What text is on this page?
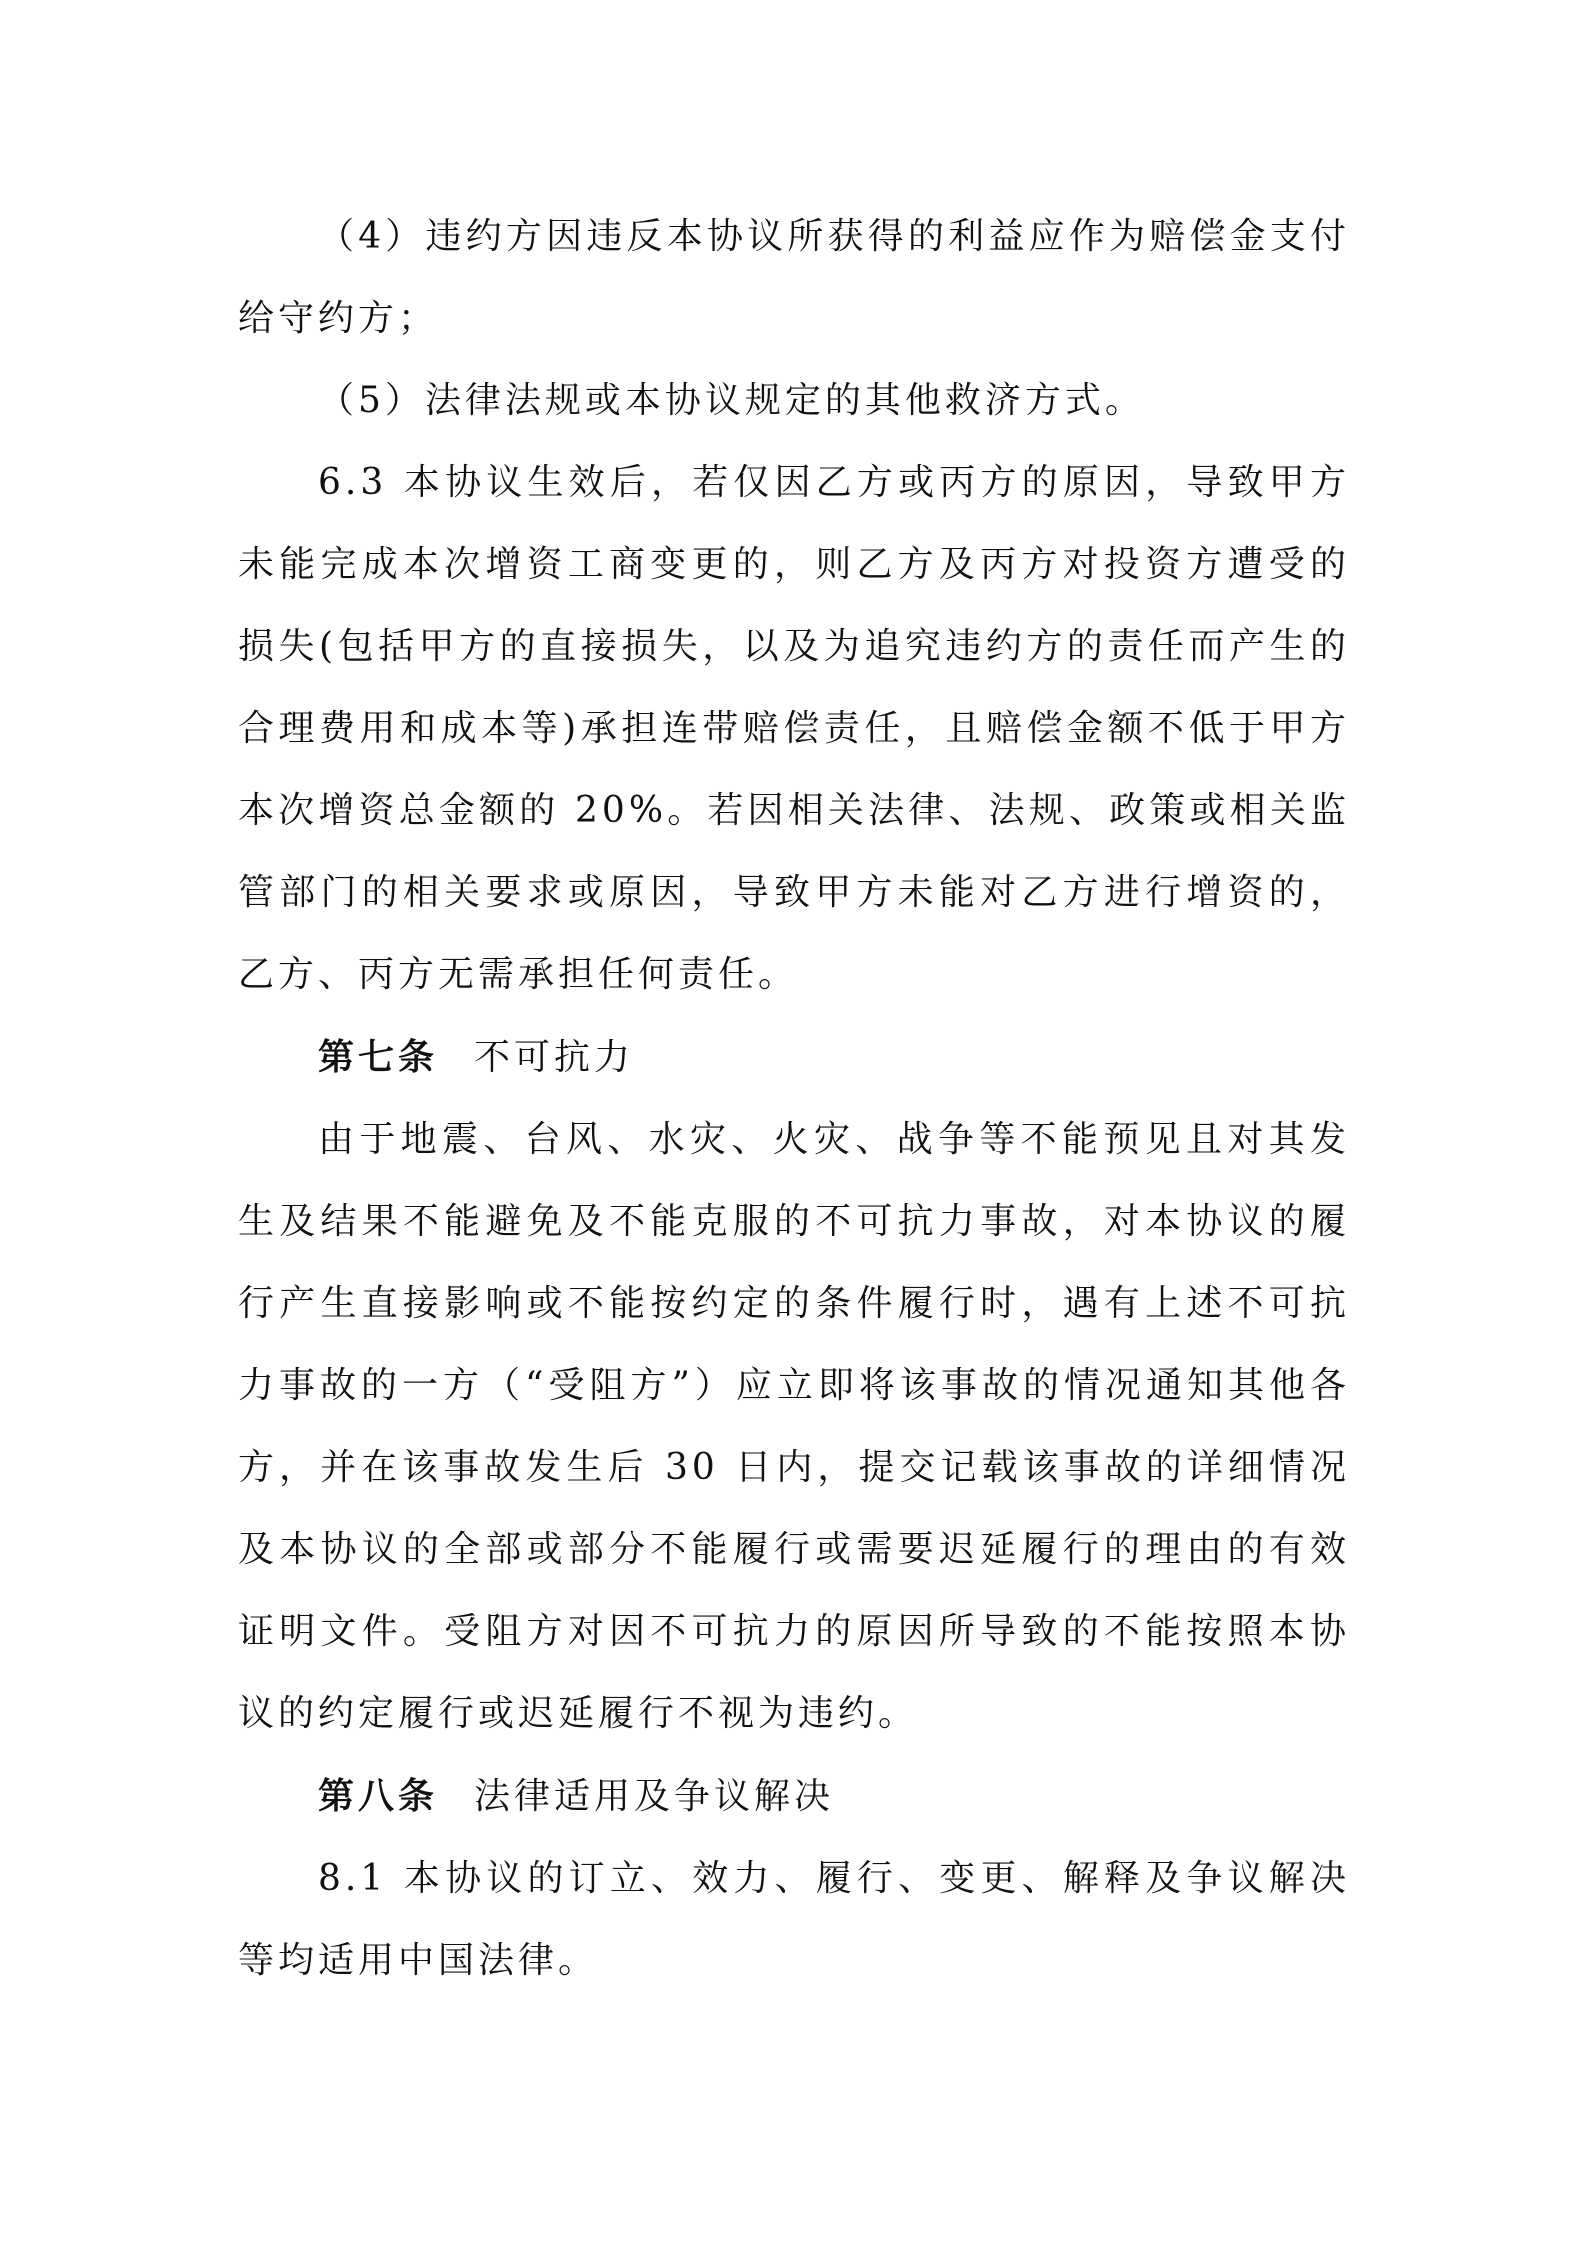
（4）违约方因违反本协议所获得的利益应作为赔偿金支付给守约方；

（5）法律法规或本协议规定的其他救济方式。

6.3 本协议生效后，若仅因乙方或丙方的原因，导致甲方未能完成本次增资工商变更的，则乙方及丙方对投资方遭受的损失(包括甲方的直接损失，以及为追究违约方的责任而产生的合理费用和成本等)承担连带赔偿责任，且赔偿金额不低于甲方本次增资总金额的 20%。若因相关法律、法规、政策或相关监管部门的相关要求或原因，导致甲方未能对乙方进行增资的，乙方、丙方无需承担任何责任。

第七条 不可抗力

由于地震、台风、水灾、火灾、战争等不能预见且对其发生及结果不能避免及不能克服的不可抗力事故，对本协议的履行产生直接影响或不能按约定的条件履行时，遇有上述不可抗力事故的一方（“受阻方”）应立即将该事故的情况通知其他各方，并在该事故发生后 30 日内，提交记载该事故的详细情况及本协议的全部或部分不能履行或需要迟延履行的理由的有效证明文件。受阻方对因不可抗力的原因所导致的不能按照本协议的约定履行或迟延履行不视为违约。

第八条 法律适用及争议解决

8.1 本协议的订立、效力、履行、变更、解释及争议解决等均适用中国法律。
